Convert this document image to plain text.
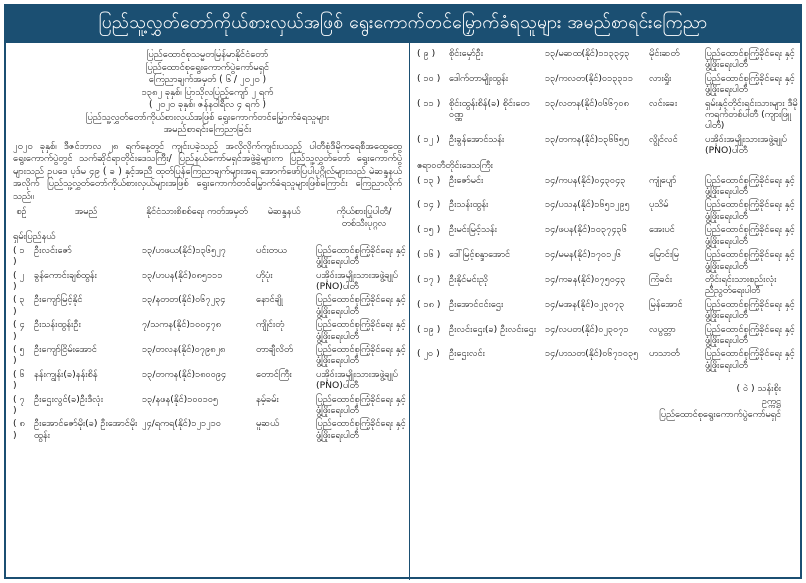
ပြည်သူ့လွှတ်တော်ကိုယ်စားလှယ်အဖြစ် ရွေးကောက်တင်မြှောက်ခံရသူများ အမည်စာရင်းကြေညာ
ပြည်ထောင်စုသမ္မတမြန်မာနိုင်ငံတော်
ပြည်ထောင်စုရွေးကောက်ပွဲကော်မရှင်
ကြေညာချက်အမှတ် ( ၆ / ၂၀၂၀ )
၁၃၈၂ ခုနှစ်၊ ပြာသိုလပြည့်ကျော် ၂ ရက်
( ၂၀၂၀ ခုနှစ်၊ ဇန်နဝါရီလ ၄ ရက် )
ပြည်သူ့လွှတ်တော်ကိုယ်စားလှယ်အဖြစ် ရွေးကောက်တင်မြှောက်ခံရသူများ
အမည်စာရင်းကြေညာခြင်း
၂၀၂၀ ခုနှစ်၊ ဒီဇင်ဘာလ ၂၈ ရက်နေ့တွင် ကျင်းပခဲ့သည့် အလိုလိုက်ကျင်းပသည့် ပါတီစုံဒီမိုကရေစီအထွေထွေ ရွေးကောက်ပွဲတွင် သက်ဆိုင်ရာတိုင်းဒေသကြီး/ ပြည်နယ်ကော်မရှင်အဖွဲ့ခွဲများက ပြည်သူ့လွှတ်တော် ရွေးကောက်ပွဲများသည် ဥပဒေ ပုဒ်မ ၄၉ ( ခ ) နှင့်အညီ ထုတ်ပြန်ကြေညာချက်များအရ အောက်ဖော်ပြပါပုဂ္ဂိုလ်များသည် မဲဆန္ဒနယ်အလိုက် ပြည်သူ့လွှတ်တော်ကိုယ်စားလှယ်များအဖြစ် ရွေးကောက်တင်မြှောက်ခံရသူများဖြစ်ကြောင်း ကြေညာလိုက်သည်။
စဉ်	အမည်	နိုင်ငံသားစိစစ်ရေး ကတ်အမှတ်	မဲဆန္ဒနယ်	ကိုယ်စားပြုပါတီ/ တစ်သီးပုဂ္ဂလ
ရှမ်းပြည်နယ်				
( ၁ )	ဦးလင်းဇော်	၁၃/ဟဖယ(နိုင်)၁၃၆၅၂၇	ပင်းတယ	ပြည်ထောင်စုကြံ့ခိုင်ရေး နှင့်ဖွံ့ဖြိုးရေးပါတီ
( ၂ )	ခွန်ကောင်းချစ်ထွန်း	၁၃/ဟပန(နိုင်)၀၈၅၁၁၁	ဟိုပုံး	ပအိုဝ်းအမျိုးသားအဖွဲ့ချုပ် (PNO)ပါတီ
( ၃ )	ဦးကျော်မြင့်နိုင်	၁၃/နတတ(နိုင်)၀၆၇၂၃၄	နောင်ချို	ပြည်ထောင်စုကြံ့ခိုင်ရေး နှင့်ဖွံ့ဖြိုးရေးပါတီ
( ၄ )	ဦးသန်းထွန်းဦး	၇/သကန(နိုင်)၁၀၀၄၇၈	ကျိုင်းတုံ	ပြည်ထောင်စုကြံ့ခိုင်ရေး နှင့်ဖွံ့ဖြိုးရေးပါတီ
( ၅ )	ဦးကျော်ငြိမ်းအောင်	၁၃/တလန(နိုင်)၀၇၉၈၂၈	တာချီလိတ်	ပြည်ထောင်စုကြံ့ခိုင်ရေး နှင့်ဖွံ့ဖြိုးရေးပါတီ
( ၆ )	နန်းကျွန်း(ခ)နန်းစိန်	၁၃/တကန(နိုင်)၁၈၀၀၉၄	တောင်ကြီး	ပအိုဝ်းအမျိုးသားအဖွဲ့ချုပ် (PNO)ပါတီ
( ၇ )	ဦးဌေးလွင်(ခ)ဦးဒီလုံး	၁၃/နဖန(နိုင်)၁၀၀၁၀၅	နမ့်ခမ်း	ပြည်ထောင်စုကြံ့ခိုင်ရေး နှင့်ဖွံ့ဖြိုးရေးပါတီ
( ၈ )	ဦးအောင်ဇော်မိုး(ခ) ဦးအောင်မိုးထွန်း	၂၄/ရကရ(နိုင်)၁၂၁၂၁၀	မူဆယ်	ပြည်ထောင်စုကြံ့ခိုင်ရေး နှင့်ဖွံ့ဖြိုးရေးပါတီ
( ၉ )	စိုင်းမှော်ဦး	၁၃/မဆထ(နိုင်)၁၁၃၃၄၃	မိုင်းဆတ်	ပြည်ထောင်စုကြံ့ခိုင်ရေး နှင့်ဖွံ့ဖြိုးရေးပါတီ
( ၁၀ )	ဒေါက်တာမျိုးထွန်း	၁၃/ကလတ(နိုင်)၀၁၃၃၁၁	လားရှိုး	ပြည်ထောင်စုကြံ့ခိုင်ရေး နှင့်ဖွံ့ဖြိုးရေးပါတီ
( ၁၁ )	စိုင်းထွန်းစိန်(ခ) စိုင်းတေဝဏ္ဏ	၁၃/လတန(နိုင်)၀၆၆၇၀၈	လင်းခေး	ရှမ်းနှင့်တိုင်းရင်းသားများ ဒီမိုကရက်တစ်ပါတီ (ကျားဖြူပါတီ)
( ၁၂ )	ဦးခွန်အောင်သန်း	၁၃/တကန(နိုင်)၁၃၆၆၅၅	လွိုင်လင်	ပအိုဝ်းအမျိုးသားအဖွဲ့ချုပ် (PNO)ပါတီ
ဧရာဝတီတိုင်းဒေသကြီး
( ၁၃ )	ဦးဇော်မင်း	၁၄/ကပန(နိုင်)၀၄၃၀၄၃	ကျုံပျော်	ပြည်ထောင်စုကြံ့ခိုင်ရေး နှင့်ဖွံ့ဖြိုးရေးပါတီ
( ၁၄ )	ဦးသန်းထွန်း	၁၄/ပသန(နိုင်)၁၆၅၁၂၉၅	ပုသိမ်	ပြည်ထောင်စုကြံ့ခိုင်ရေး နှင့်ဖွံ့ဖြိုးရေးပါတီ
( ၁၅ )	ဦးမင်းမြင့်သန်း	၁၄/ဖပန(နိုင်)၁၀၃၇၄၃၆	အေးပင်	ပြည်ထောင်စုကြံ့ခိုင်ရေး နှင့်ဖွံ့ဖြိုးရေးပါတီ
( ၁၆ )	ဒေါ်မြင့်စန္ဒာအောင်	၁၄/မမန(နိုင်)၁၇၀၁၂၆	မြောင်းမြ	ပြည်ထောင်စုကြံ့ခိုင်ရေး နှင့်ဖွံ့ဖြိုးရေးပါတီ
( ၁၇ )	ဦးနိုင်မင်းညို	၁၄/ကခန(နိုင်)၀၇၅၀၄၃	ကြံခင်း	တိုင်းရင်းသားစည်းလုံး ညီညွတ်ရေးပါတီ
( ၁၈ )	ဦးအောင်ငင်းဌေး	၁၄/မအန(နိုင်)၀၂၃၀၇၃	မြန်အောင်	ပြည်ထောင်စုကြံ့ခိုင်ရေး နှင့်ဖွံ့ဖြိုးရေးပါတီ
( ၁၉ )	ဦးလင်းဌေး(ခ) ဦးလင်းဌေး	၁၄/လပတ(နိုင်)၀၂၃၀၇၁	လပွတ္တာ	ပြည်ထောင်စုကြံ့ခိုင်ရေး နှင့်ဖွံ့ဖြိုးရေးပါတီ
( ၂၀ )	ဦးဌေးလင်း	၁၄/ဟသတ(နိုင်)၀၆၇၁၀၃၅	ဟသာင်္တ	ပြည်ထောင်စုကြံ့ခိုင်ရေး နှင့်ဖွံ့ဖြိုးရေးပါတီ
( ဝဲ ) သန်းစိုး
ဥက္ကဋ္ဌ
ပြည်ထောင်စုရွေးကောက်ပွဲကော်မရှင်
